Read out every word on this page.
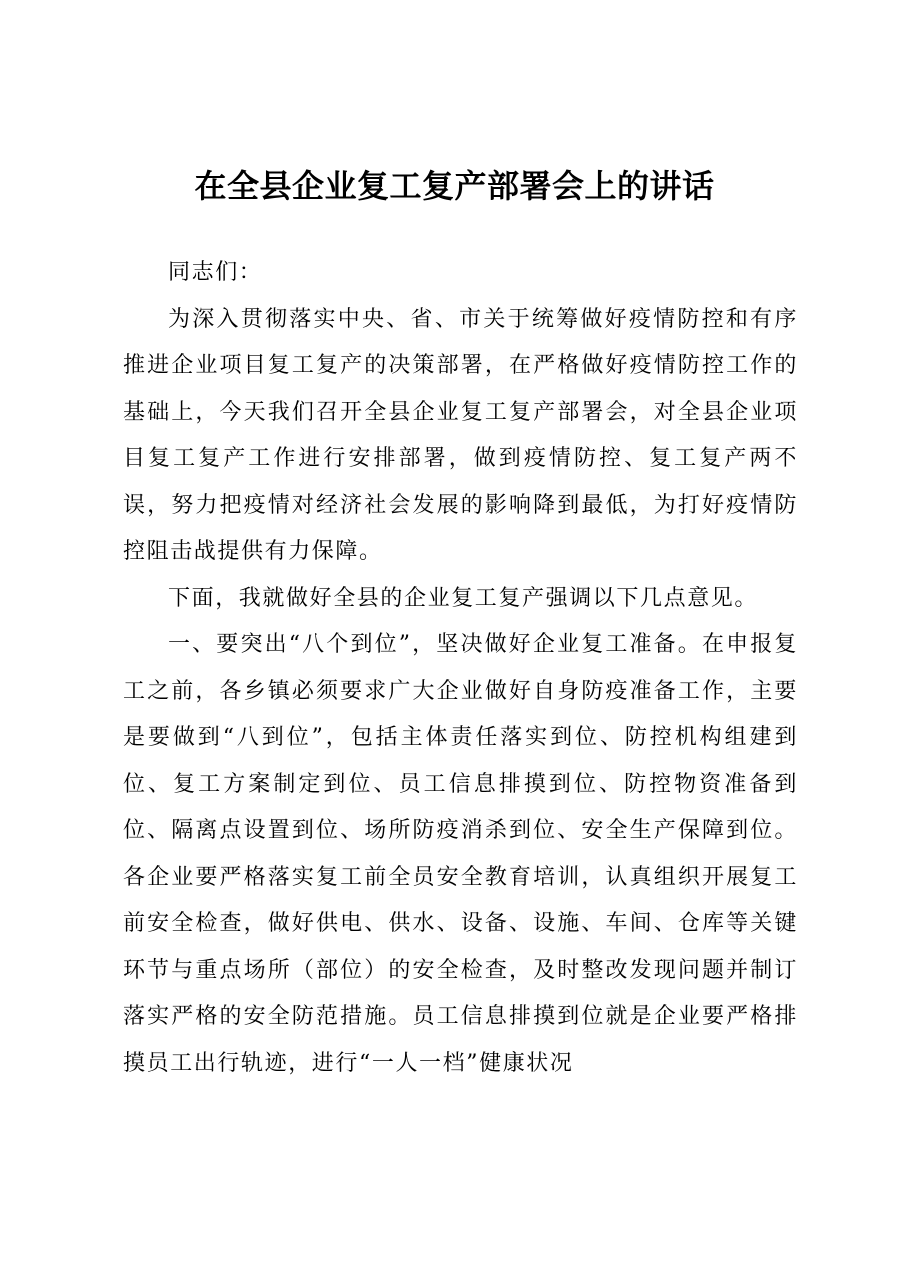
在全县企业复工复产部署会上的讲话

同志们：

为深入贯彻落实中央、省、市关于统筹做好疫情防控和有序推进企业项目复工复产的决策部署，在严格做好疫情防控工作的基础上，今天我们召开全县企业复工复产部署会，对全县企业项目复工复产工作进行安排部署，做到疫情防控、复工复产两不误，努力把疫情对经济社会发展的影响降到最低，为打好疫情防控阻击战提供有力保障。

下面，我就做好全县的企业复工复产强调以下几点意见。

一、要突出“八个到位”，坚决做好企业复工准备。在申报复工之前，各乡镇必须要求广大企业做好自身防疫准备工作，主要是要做到“八到位”，包括主体责任落实到位、防控机构组建到位、复工方案制定到位、员工信息排摸到位、防控物资准备到位、隔离点设置到位、场所防疫消杀到位、安全生产保障到位。各企业要严格落实复工前全员安全教育培训，认真组织开展复工前安全检查，做好供电、供水、设备、设施、车间、仓库等关键环节与重点场所（部位）的安全检查，及时整改发现问题并制订落实严格的安全防范措施。员工信息排摸到位就是企业要严格排摸员工出行轨迹，进行“一人一档”健康状况
